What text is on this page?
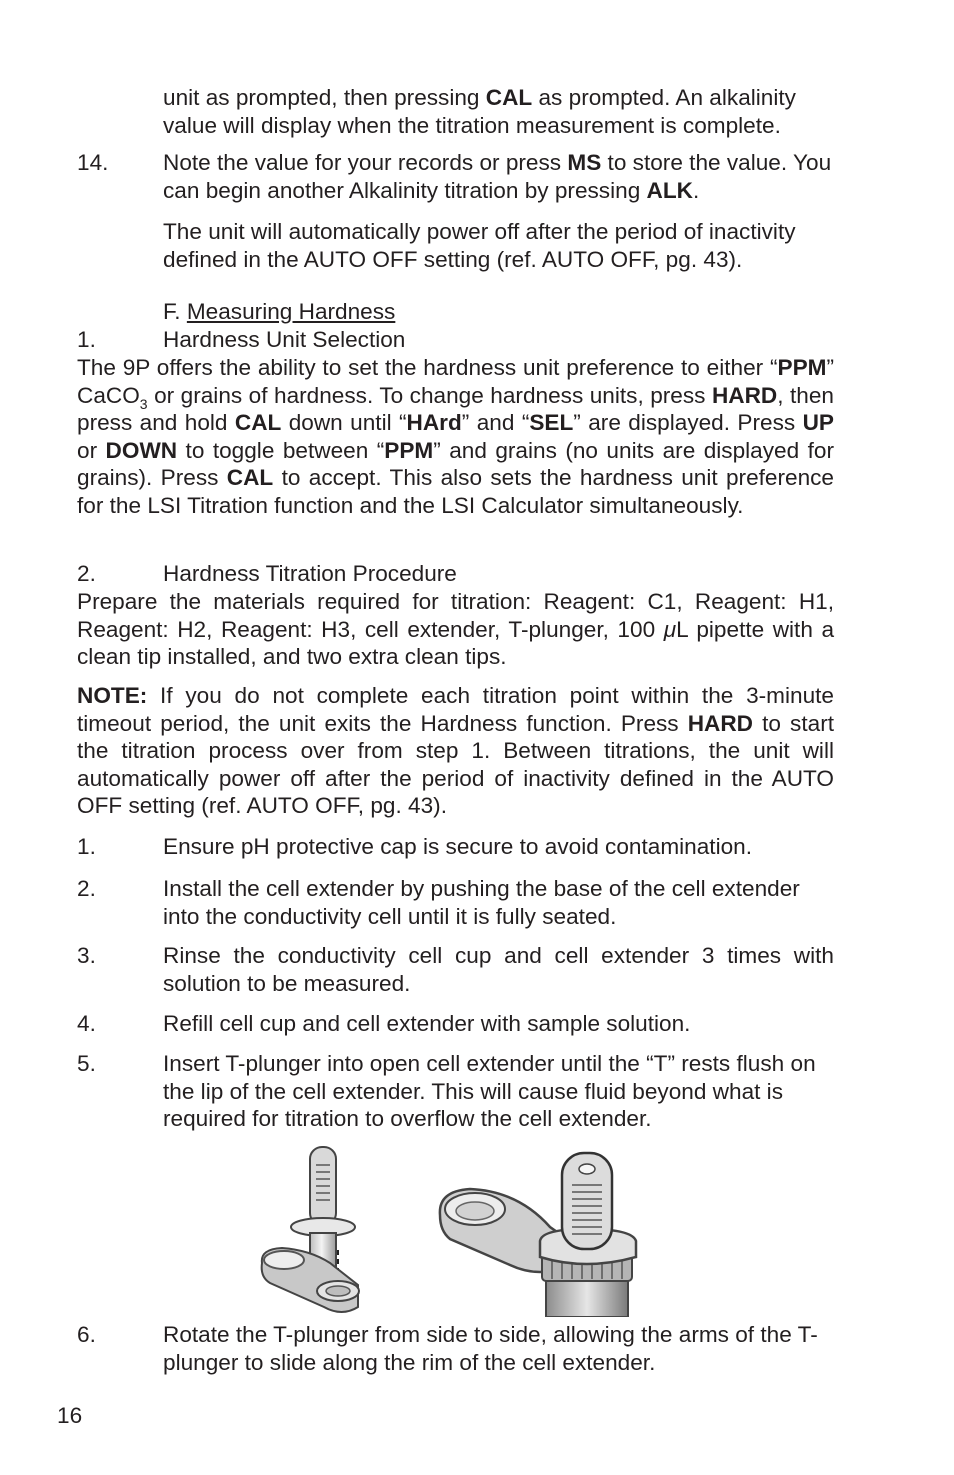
unit as prompted, then pressing CAL as prompted. An alkalinity value will display when the titration measurement is complete.

14. Note the value for your records or press MS to store the value. You can begin another Alkalinity titration by pressing ALK.

The unit will automatically power off after the period of inactivity defined in the AUTO OFF setting (ref. AUTO OFF, pg. 43).

F. Measuring Hardness

1.	Hardness Unit Selection

The 9P offers the ability to set the hardness unit preference to either “PPM” CaCO$_3$ or grains of hardness. To change hardness units, press HARD, then press and hold CAL down until “HArd” and “SEL” are displayed. Press UP or DOWN to toggle between “PPM” and grains (no units are displayed for grains). Press CAL to accept. This also sets the hardness unit preference for the LSI Titration function and the LSI Calculator simultaneously.

2.	Hardness Titration Procedure

Prepare the materials required for titration: Reagent: C1, Reagent: H1, Reagent: H2, Reagent: H3, cell extender, T-plunger, 100 μL pipette with a clean tip installed, and two extra clean tips.

NOTE: If you do not complete each titration point within the 3-minute timeout period, the unit exits the Hardness function. Press HARD to start the titration process over from step 1. Between titrations, the unit will automatically power off after the period of inactivity defined in the AUTO OFF setting (ref. AUTO OFF, pg. 43).

1.	Ensure pH protective cap is secure to avoid contamination.

2.	Install the cell extender by pushing the base of the cell extender into the conductivity cell until it is fully seated.

3.	Rinse the conductivity cell cup and cell extender 3 times with solution to be measured.

4.	Refill cell cup and cell extender with sample solution.

5.	Insert T-plunger into open cell extender until the “T” rests flush on the lip of the cell extender. This will cause fluid beyond what is required for titration to overflow the cell extender.

6.	Rotate the T-plunger from side to side, allowing the arms of the T-plunger to slide along the rim of the cell extender.

16
